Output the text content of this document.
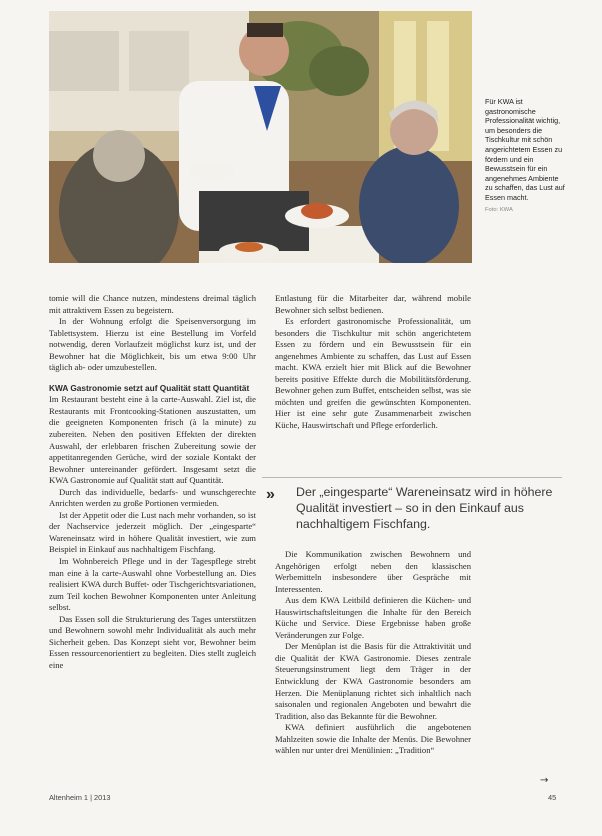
Für KWA ist gastronomische Professionalität wichtig, um besonders die Tischkultur mit schön angerichtetem Essen zu fördern und ein Bewusstsein für ein angenehmes Ambiente zu schaffen, das Lust auf Essen macht.
Foto: KWA

tomie will die Chance nutzen, mindestens dreimal täglich mit attraktivem Essen zu begeistern.

In der Wohnung erfolgt die Speisenversorgung im Tablettsystem. Hierzu ist eine Bestellung im Vorfeld notwendig, deren Vorlaufzeit möglichst kurz ist, und der Bewohner hat die Möglichkeit, bis um etwa 9:00 Uhr täglich ab- oder umzubestellen.

KWA Gastronomie setzt auf Qualität statt Quantität

Im Restaurant besteht eine à la carte-Auswahl. Ziel ist, die Restaurants mit Frontcooking-Stationen auszustatten, um die geeigneten Komponenten frisch (à la minute) zu zubereiten. Neben den positiven Effekten der direkten Auswahl, der erlebbaren frischen Zubereitung sowie der appetitanregenden Gerüche, wird der soziale Kontakt der Bewohner untereinander gefördert. Insgesamt setzt die KWA Gastronomie auf Qualität statt auf Quantität.

Durch das individuelle, bedarfs- und wunschgerechte Anrichten werden zu große Portionen vermieden.

Ist der Appetit oder die Lust nach mehr vorhanden, so ist der Nachservice jederzeit möglich. Der „eingesparte“ Wareneinsatz wird in höhere Qualität investiert, wie zum Beispiel in Einkauf aus nachhaltigem Fischfang.

Im Wohnbereich Pflege und in der Tagespflege strebt man eine à la carte-Auswahl ohne Vorbestellung an. Dies realisiert KWA durch Buffet- oder Tischgerichtsvariationen, zum Teil kochen Bewohner Komponenten unter Anleitung selbst.

Das Essen soll die Strukturierung des Tages unterstützen und Bewohnern sowohl mehr Individualität als auch mehr Sicherheit geben. Das Konzept sieht vor, Bewohner beim Essen ressourcenorientiert zu begleiten. Dies stellt zugleich eine

Entlastung für die Mitarbeiter dar, während mobile Bewohner sich selbst bedienen.

Es erfordert gastronomische Professionalität, um besonders die Tischkultur mit schön angerichtetem Essen zu fördern und ein Bewusstsein für ein angenehmes Ambiente zu schaffen, das Lust auf Essen macht. KWA erzielt hier mit Blick auf die Bewohner bereits positive Effekte durch die Mobilitätsförderung. Bewohner gehen zum Buffet, entscheiden selbst, was sie möchten und greifen die gewünschten Komponenten. Hier ist eine sehr gute Zusammenarbeit zwischen Küche, Hauswirtschaft und Pflege erforderlich.

» Der „eingesparte“ Wareneinsatz wird in höhere Qualität investiert – so in den Einkauf aus nachhaltigem Fischfang.

Die Kommunikation zwischen Bewohnern und Angehörigen erfolgt neben den klassischen Werbemitteln insbesondere über Gespräche mit Interessenten.

Aus dem KWA Leitbild definieren die Küchen- und Hauswirtschaftsleitungen die Inhalte für den Bereich Küche und Service. Diese Ergebnisse haben große Veränderungen zur Folge.

Der Menüplan ist die Basis für die Attraktivität und die Qualität der KWA Gastronomie. Dieses zentrale Steuerungsinstrument liegt dem Träger in der Entwicklung der KWA Gastronomie besonders am Herzen. Die Menüplanung richtet sich inhaltlich nach saisonalen und regionalen Angeboten und bewahrt die Tradition, also das Bekannte für die Bewohner.

KWA definiert ausführlich die angebotenen Mahlzeiten sowie die Inhalte der Menüs. Die Bewohner wählen nur unter drei Menülinien: „Tradition“

→
Altenheim 1 | 2013	45
